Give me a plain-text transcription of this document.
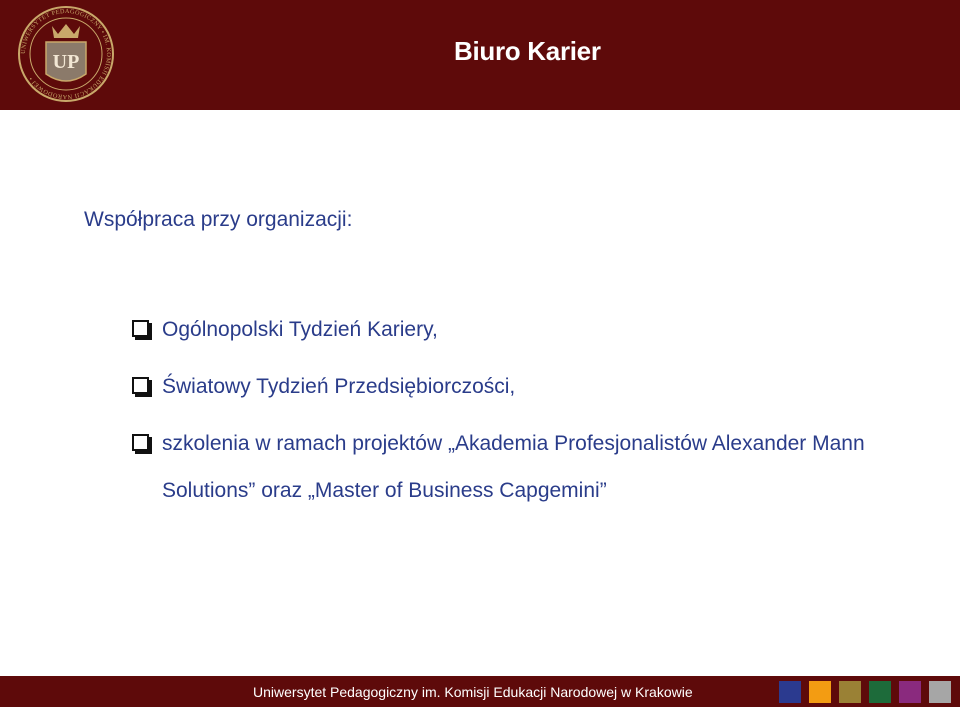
UNIWERSYTET PEDAGOGICZNY • IM. KOMISJI EDUKACJI NARODOWEJ •
UP	Biuro Karier
Współpraca przy organizacji:
Ogólnopolski Tydzień Kariery,
Światowy Tydzień Przedsiębiorczości,
szkolenia w ramach projektów „Akademia Profesjonalistów Alexander Mann Solutions” oraz „Master of Business Capgemini”
Uniwersytet Pedagogiczny im. Komisji Edukacji Narodowej w Krakowie
